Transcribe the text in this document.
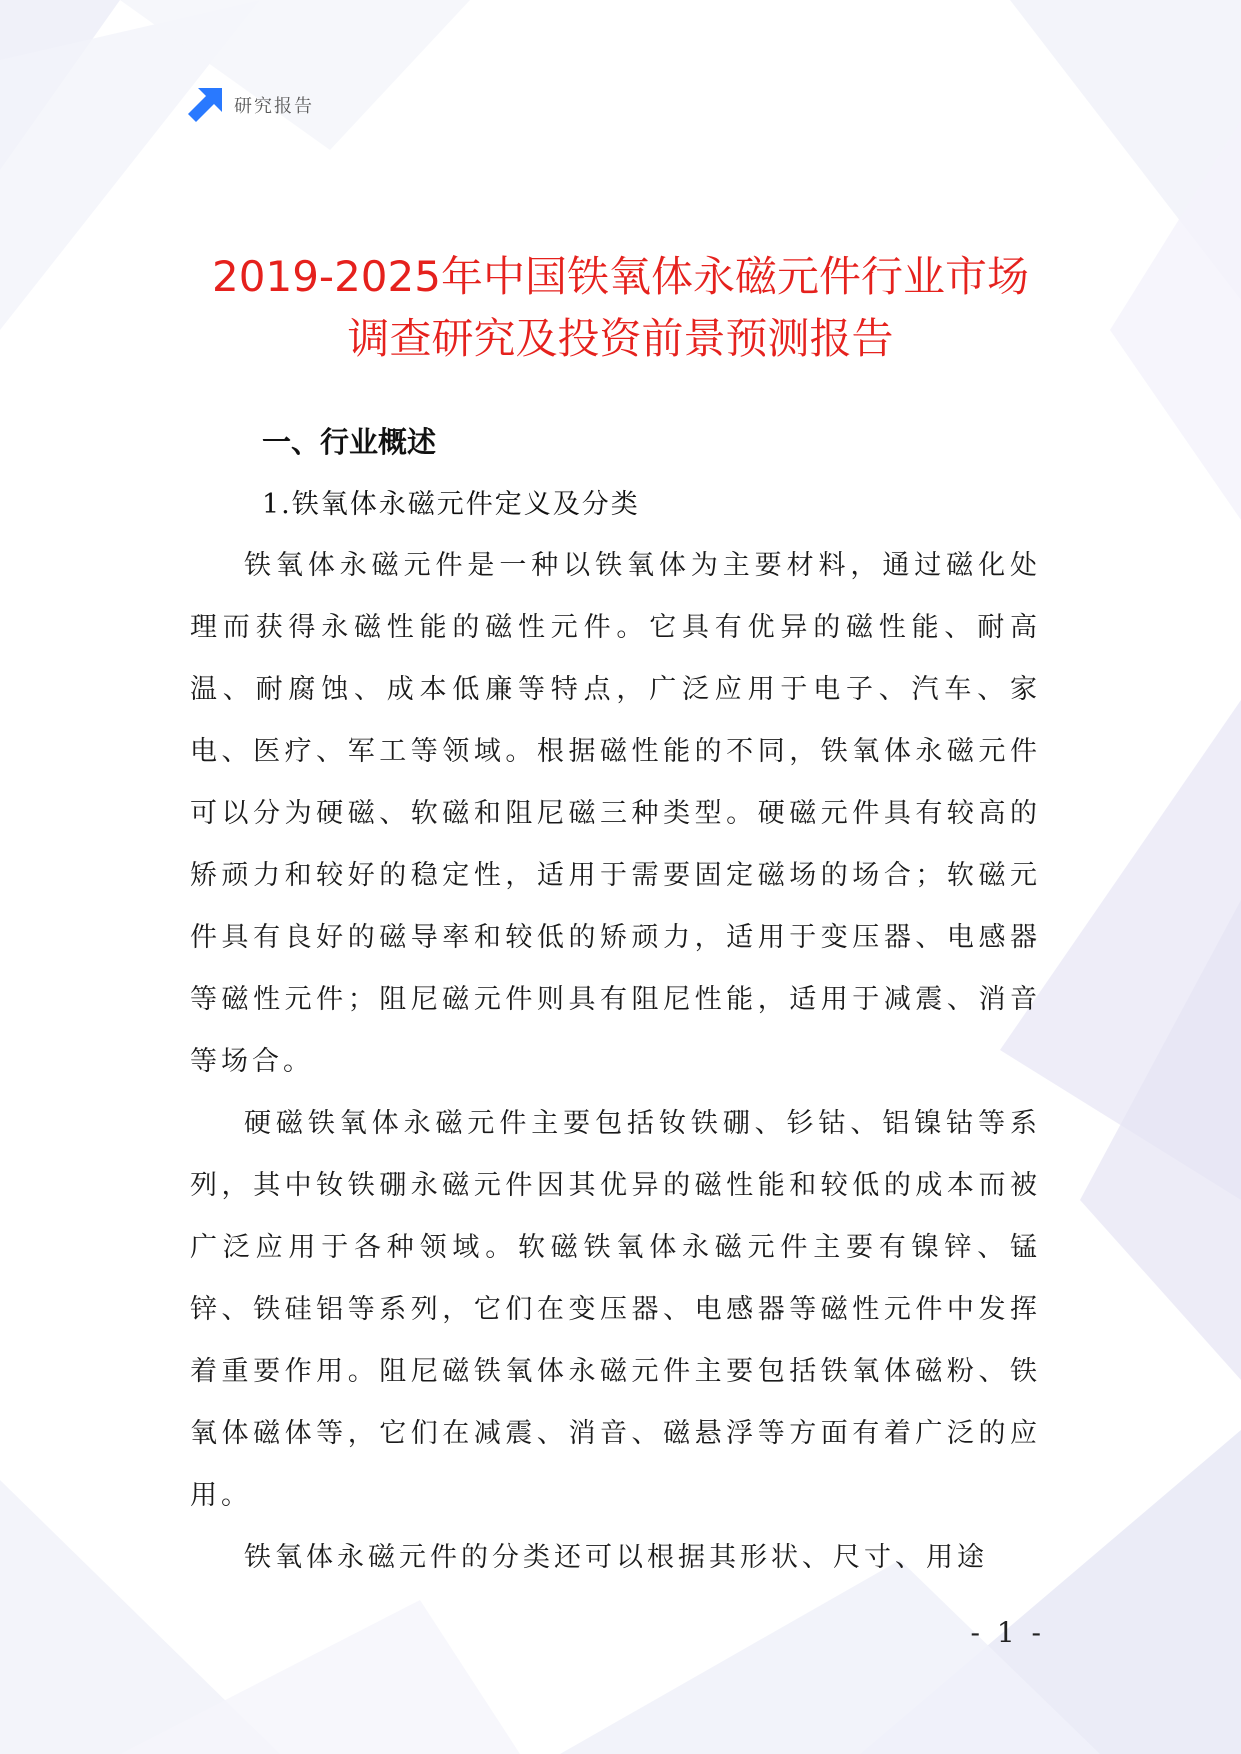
研究报告
2019-2025年中国铁氧体永磁元件行业市场
调查研究及投资前景预测报告
一、行业概述
1.铁氧体永磁元件定义及分类

铁氧体永磁元件是一种以铁氧体为主要材料，通过磁化处理而获得永磁性能的磁性元件。它具有优异的磁性能、耐高温、耐腐蚀、成本低廉等特点，广泛应用于电子、汽车、家电、医疗、军工等领域。根据磁性能的不同，铁氧体永磁元件可以分为硬磁、软磁和阻尼磁三种类型。硬磁元件具有较高的矫顽力和较好的稳定性，适用于需要固定磁场的场合；软磁元件具有良好的磁导率和较低的矫顽力，适用于变压器、电感器等磁性元件；阻尼磁元件则具有阻尼性能，适用于减震、消音等场合。

硬磁铁氧体永磁元件主要包括钕铁硼、钐钴、铝镍钴等系列，其中钕铁硼永磁元件因其优异的磁性能和较低的成本而被广泛应用于各种领域。软磁铁氧体永磁元件主要有镍锌、锰锌、铁硅铝等系列，它们在变压器、电感器等磁性元件中发挥着重要作用。阻尼磁铁氧体永磁元件主要包括铁氧体磁粉、铁氧体磁体等，它们在减震、消音、磁悬浮等方面有着广泛的应用。

铁氧体永磁元件的分类还可以根据其形状、尺寸、用途

- 1 -
